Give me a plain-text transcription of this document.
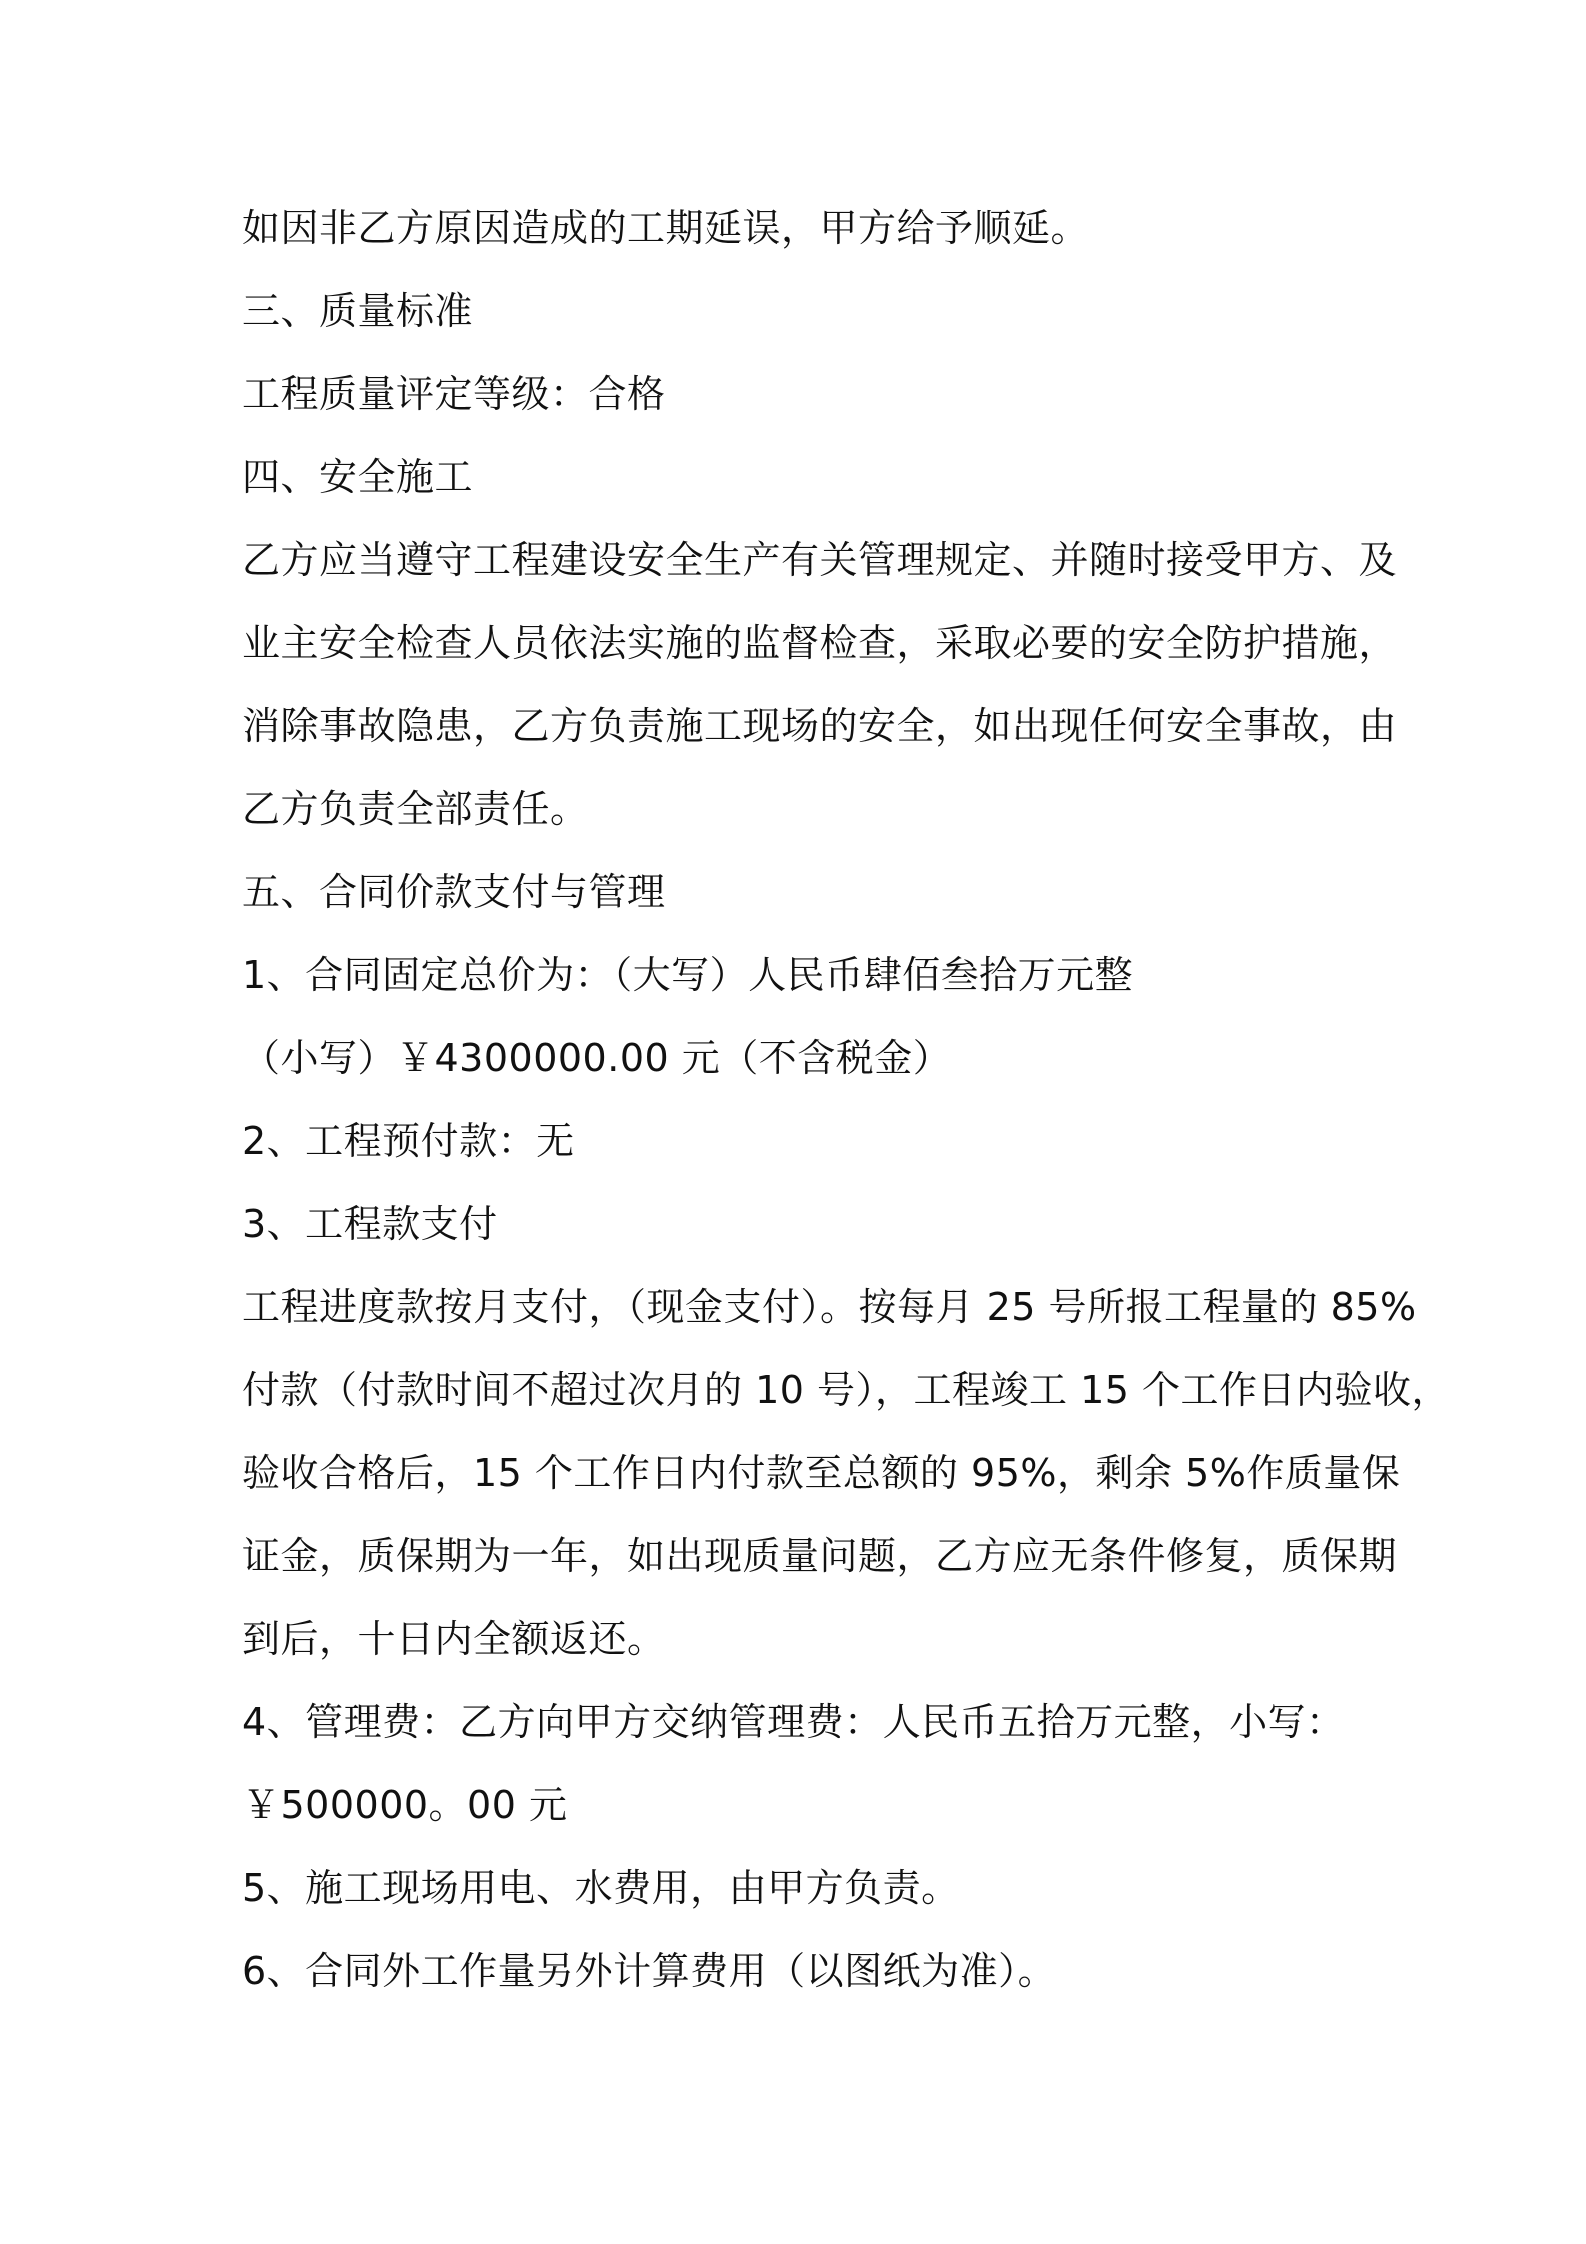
如因非乙方原因造成的工期延误，甲方给予顺延。
三、质量标准
工程质量评定等级：合格
四、安全施工
乙方应当遵守工程建设安全生产有关管理规定、并随时接受甲方、及
业主安全检查人员依法实施的监督检查，采取必要的安全防护措施，
消除事故隐患，乙方负责施工现场的安全，如出现任何安全事故，由
乙方负责全部责任。
五、合同价款支付与管理
1、合同固定总价为：（大写）人民币肆佰叁拾万元整
（小写）￥4300000.00 元（不含税金）
2、工程预付款：无
3、工程款支付
工程进度款按月支付，（现金支付）。按每月 25 号所报工程量的 85%
付款（付款时间不超过次月的 10 号），工程竣工 15 个工作日内验收，
验收合格后，15 个工作日内付款至总额的 95%，剩余 5%作质量保
证金，质保期为一年，如出现质量问题，乙方应无条件修复，质保期
到后，十日内全额返还。
4、管理费：乙方向甲方交纳管理费：人民币五拾万元整，小写：
￥500000。00 元
5、施工现场用电、水费用，由甲方负责。
6、合同外工作量另外计算费用（以图纸为准）。
